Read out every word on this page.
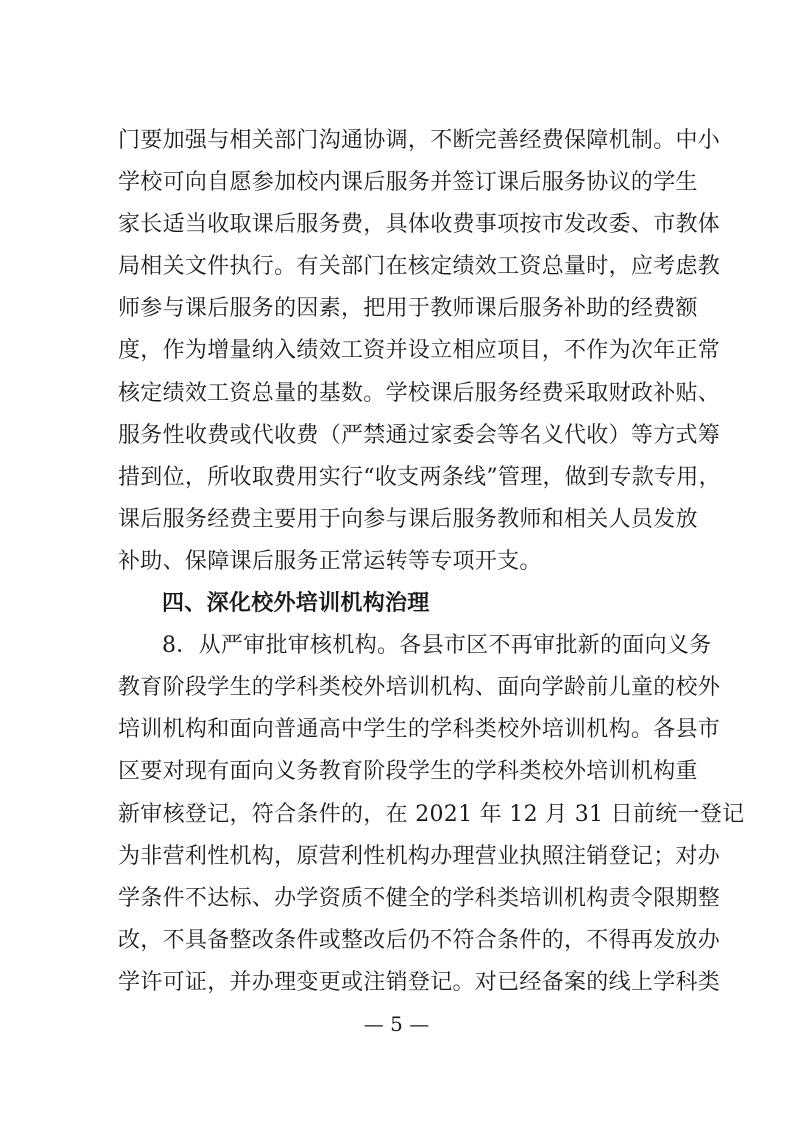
门要加强与相关部门沟通协调，不断完善经费保障机制。中小
学校可向自愿参加校内课后服务并签订课后服务协议的学生
家长适当收取课后服务费，具体收费事项按市发改委、市教体
局相关文件执行。有关部门在核定绩效工资总量时，应考虑教
师参与课后服务的因素，把用于教师课后服务补助的经费额
度，作为增量纳入绩效工资并设立相应项目，不作为次年正常
核定绩效工资总量的基数。学校课后服务经费采取财政补贴、
服务性收费或代收费（严禁通过家委会等名义代收）等方式筹
措到位，所收取费用实行“收支两条线”管理，做到专款专用，
课后服务经费主要用于向参与课后服务教师和相关人员发放
补助、保障课后服务正常运转等专项开支。
四、深化校外培训机构治理
8．从严审批审核机构。各县市区不再审批新的面向义务
教育阶段学生的学科类校外培训机构、面向学龄前儿童的校外
培训机构和面向普通高中学生的学科类校外培训机构。各县市
区要对现有面向义务教育阶段学生的学科类校外培训机构重
新审核登记，符合条件的，在 2021 年 12 月 31 日前统一登记
为非营利性机构，原营利性机构办理营业执照注销登记；对办
学条件不达标、办学资质不健全的学科类培训机构责令限期整
改，不具备整改条件或整改后仍不符合条件的，不得再发放办
学许可证，并办理变更或注销登记。对已经备案的线上学科类
— 5 —
